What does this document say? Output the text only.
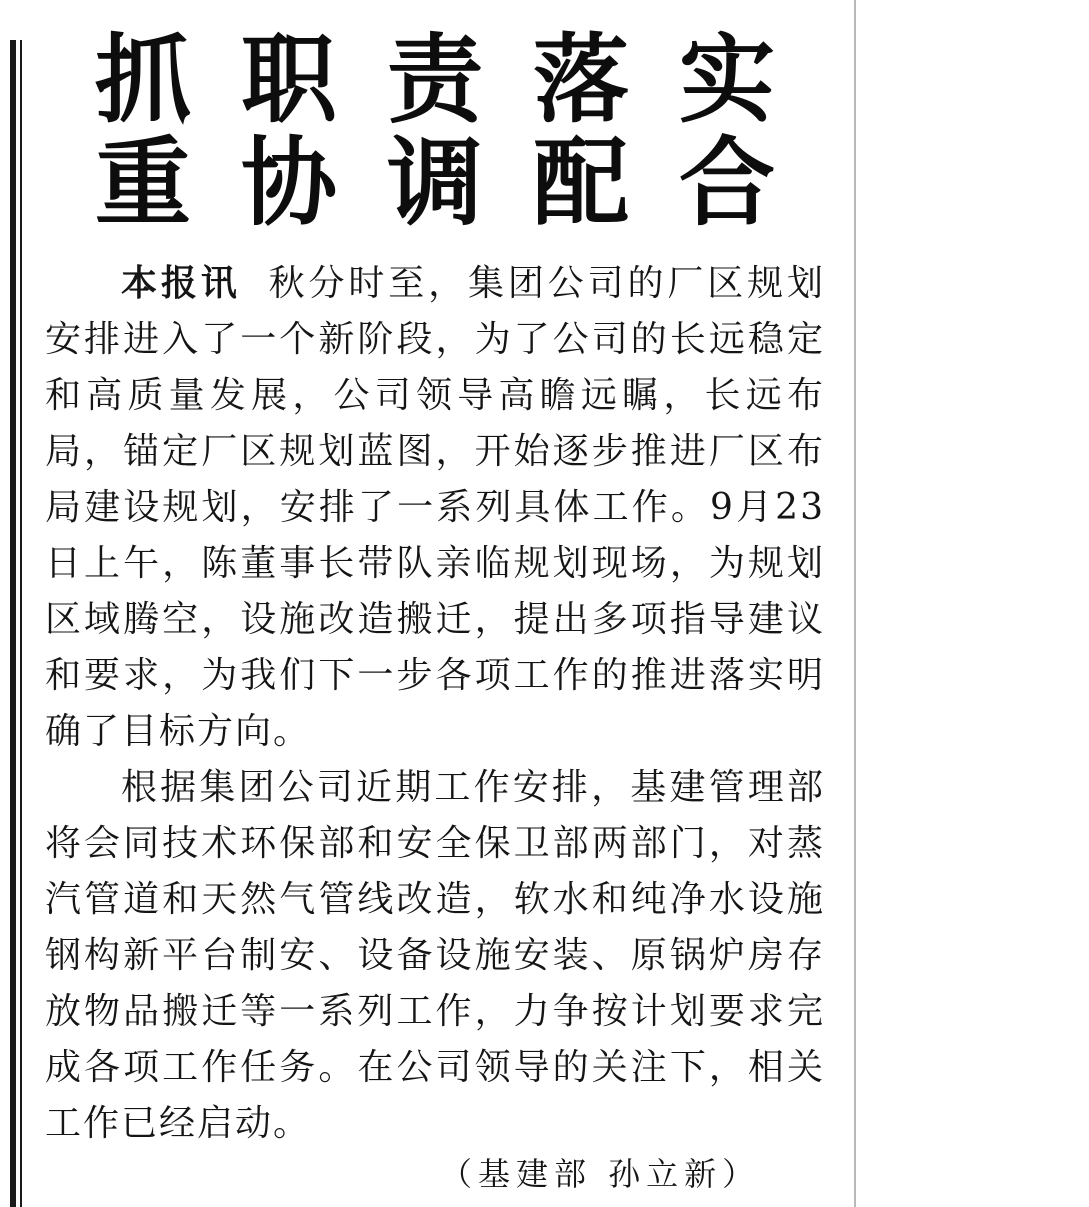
抓职责落实
重协调配合

本报讯 秋分时至，集团公司的厂区规划安排进入了一个新阶段，为了公司的长远稳定和高质量发展，公司领导高瞻远瞩，长远布局，锚定厂区规划蓝图，开始逐步推进厂区布局建设规划，安排了一系列具体工作。9月23日上午，陈董事长带队亲临规划现场，为规划区域腾空，设施改造搬迁，提出多项指导建议和要求，为我们下一步各项工作的推进落实明确了目标方向。

根据集团公司近期工作安排，基建管理部将会同技术环保部和安全保卫部两部门，对蒸汽管道和天然气管线改造，软水和纯净水设施钢构新平台制安、设备设施安装、原锅炉房存放物品搬迁等一系列工作，力争按计划要求完成各项工作任务。在公司领导的关注下，相关工作已经启动。

（基建部 孙立新）
